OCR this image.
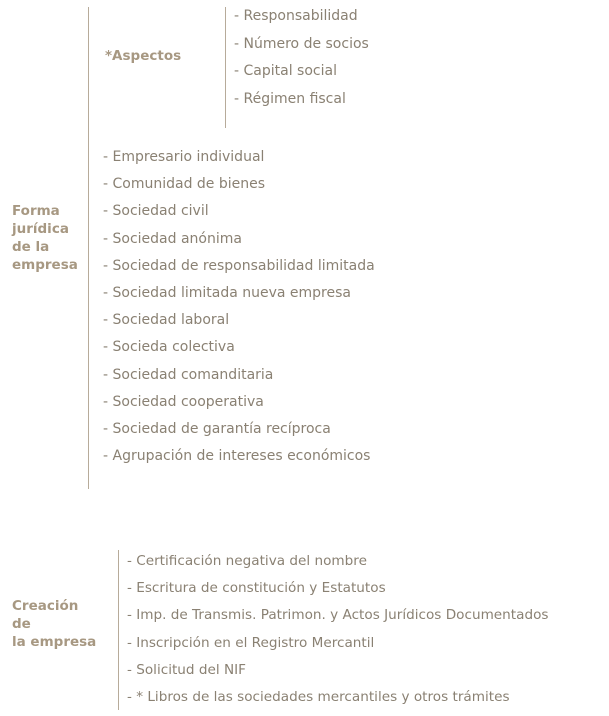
Forma
jurídica
de la
empresa
*Aspectos
- Responsabilidad
- Número de socios
- Capital social
- Régimen fiscal
- Empresario individual
- Comunidad de bienes
- Sociedad civil
- Sociedad anónima
- Sociedad de responsabilidad limitada
- Sociedad limitada nueva empresa
- Sociedad laboral
- Socieda colectiva
- Sociedad comanditaria
- Sociedad cooperativa
- Sociedad de garantía recíproca
- Agrupación de intereses económicos
Creación
de
la empresa
- Certificación negativa del nombre
- Escritura de constitución y Estatutos
- Imp. de Transmis. Patrimon. y Actos Jurídicos Documentados
- Inscripción en el Registro Mercantil
- Solicitud del NIF
- * Libros de las sociedades mercantiles y otros trámites
